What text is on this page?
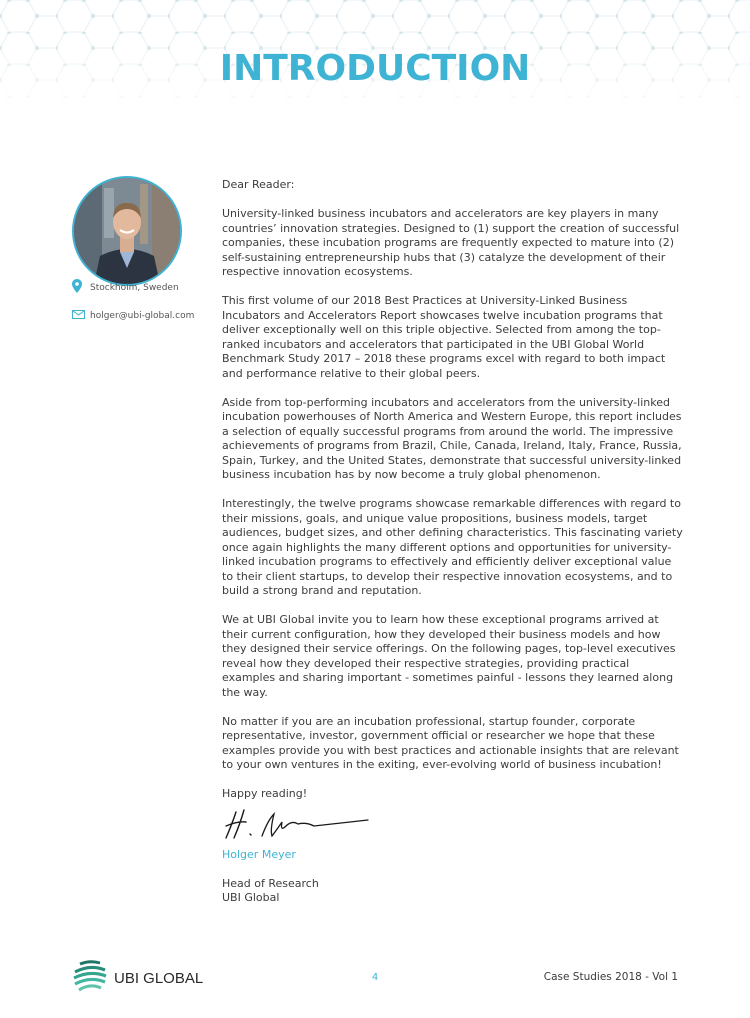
INTRODUCTION
Stockholm, Sweden
holger@ubi-global.com

Dear Reader:

University-linked business incubators and accelerators are key players in many countries’ innovation strategies. Designed to (1) support the creation of successful companies, these incubation programs are frequently expected to mature into (2) self-sustaining entrepreneurship hubs that (3) catalyze the development of their respective innovation ecosystems.

This first volume of our 2018 Best Practices at University-Linked Business Incubators and Accelerators Report showcases twelve incubation programs that deliver exceptionally well on this triple objective. Selected from among the top-ranked incubators and accelerators that participated in the UBI Global World Benchmark Study 2017 – 2018 these programs excel with regard to both impact and performance relative to their global peers.

Aside from top-performing incubators and accelerators from the university-linked incubation powerhouses of North America and Western Europe, this report includes a selection of equally successful programs from around the world. The impressive achievements of programs from Brazil, Chile, Canada, Ireland, Italy, France, Russia, Spain, Turkey, and the United States, demonstrate that successful university-linked business incubation has by now become a truly global phenomenon.

Interestingly, the twelve programs showcase remarkable differences with regard to their missions, goals, and unique value propositions, business models, target audiences, budget sizes, and other defining characteristics. This fascinating variety once again highlights the many different options and opportunities for university-linked incubation programs to effectively and efficiently deliver exceptional value to their client startups, to develop their respective innovation ecosystems, and to build a strong brand and reputation.

We at UBI Global invite you to learn how these exceptional programs arrived at their current configuration, how they developed their business models and how they designed their service offerings. On the following pages, top-level executives reveal how they developed their respective strategies, providing practical examples and sharing important - sometimes painful - lessons they learned along the way.

No matter if you are an incubation professional, startup founder, corporate representative, investor, government official or researcher we hope that these examples provide you with best practices and actionable insights that are relevant to your own ventures in the exiting, ever-evolving world of business incubation!

Happy reading!

Holger Meyer

Head of Research
UBI Global
UBI GLOBAL	4	Case Studies 2018 - Vol 1
